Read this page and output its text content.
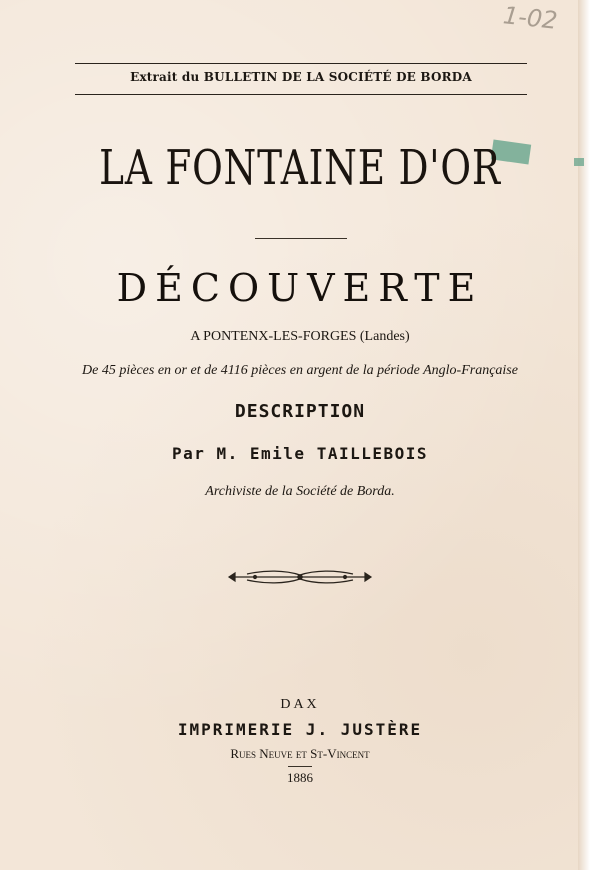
1-02
Extrait du BULLETIN DE LA SOCIÉTÉ DE BORDA
LA FONTAINE D'OR
DÉCOUVERTE
A PONTENX-LES-FORGES (Landes)
De 45 pièces en or et de 4116 pièces en argent de la période Anglo-Française
DESCRIPTION
Par M. Emile TAILLEBOIS
Archiviste de la Société de Borda.
DAX
IMPRIMERIE J. JUSTÈRE
Rues Neuve et St-Vincent
1886
